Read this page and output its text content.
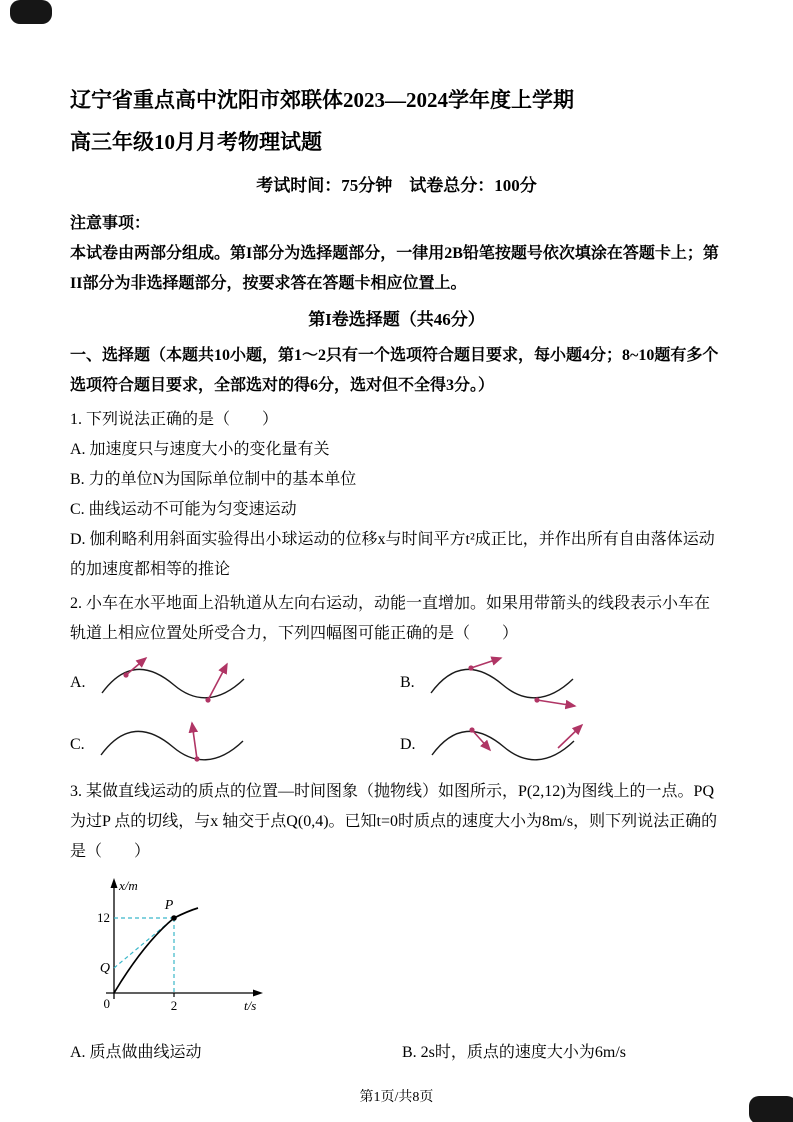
辽宁省重点高中沈阳市郊联体2023—2024学年度上学期
高三年级10月月考物理试题

考试时间：75分钟　试卷总分：100分

注意事项：

本试卷由两部分组成。第I部分为选择题部分，一律用2B铅笔按题号依次填涂在答题卡上；第II部分为非选择题部分，按要求答在答题卡相应位置上。

第I卷选择题（共46分）

一、选择题（本题共10小题，第1～2只有一个选项符合题目要求，每小题4分；8~10题有多个选项符合题目要求，全部选对的得6分，选对但不全得3分。）

1. 下列说法正确的是（　　）

A. 加速度只与速度大小的变化量有关

B. 力的单位N为国际单位制中的基本单位

C. 曲线运动不可能为匀变速运动

D. 伽利略利用斜面实验得出小球运动的位移x与时间平方t²成正比，并作出所有自由落体运动的加速度都相等的推论

2. 小车在水平地面上沿轨道从左向右运动，动能一直增加。如果用带箭头的线段表示小车在轨道上相应位置处所受合力，下列四幅图可能正确的是（　　）

A.	B.
C.	D.

3. 某做直线运动的质点的位置—时间图象（抛物线）如图所示，P(2,12)为图线上的一点。PQ 为过P 点的切线，与x 轴交于点Q(0,4)。已知t=0时质点的速度大小为8m/s，则下列说法正确的是（　　）

x/m
12
P
Q
0	2	t/s
A. 质点做曲线运动	B. 2s时，质点的速度大小为6m/s

第1页/共8页
